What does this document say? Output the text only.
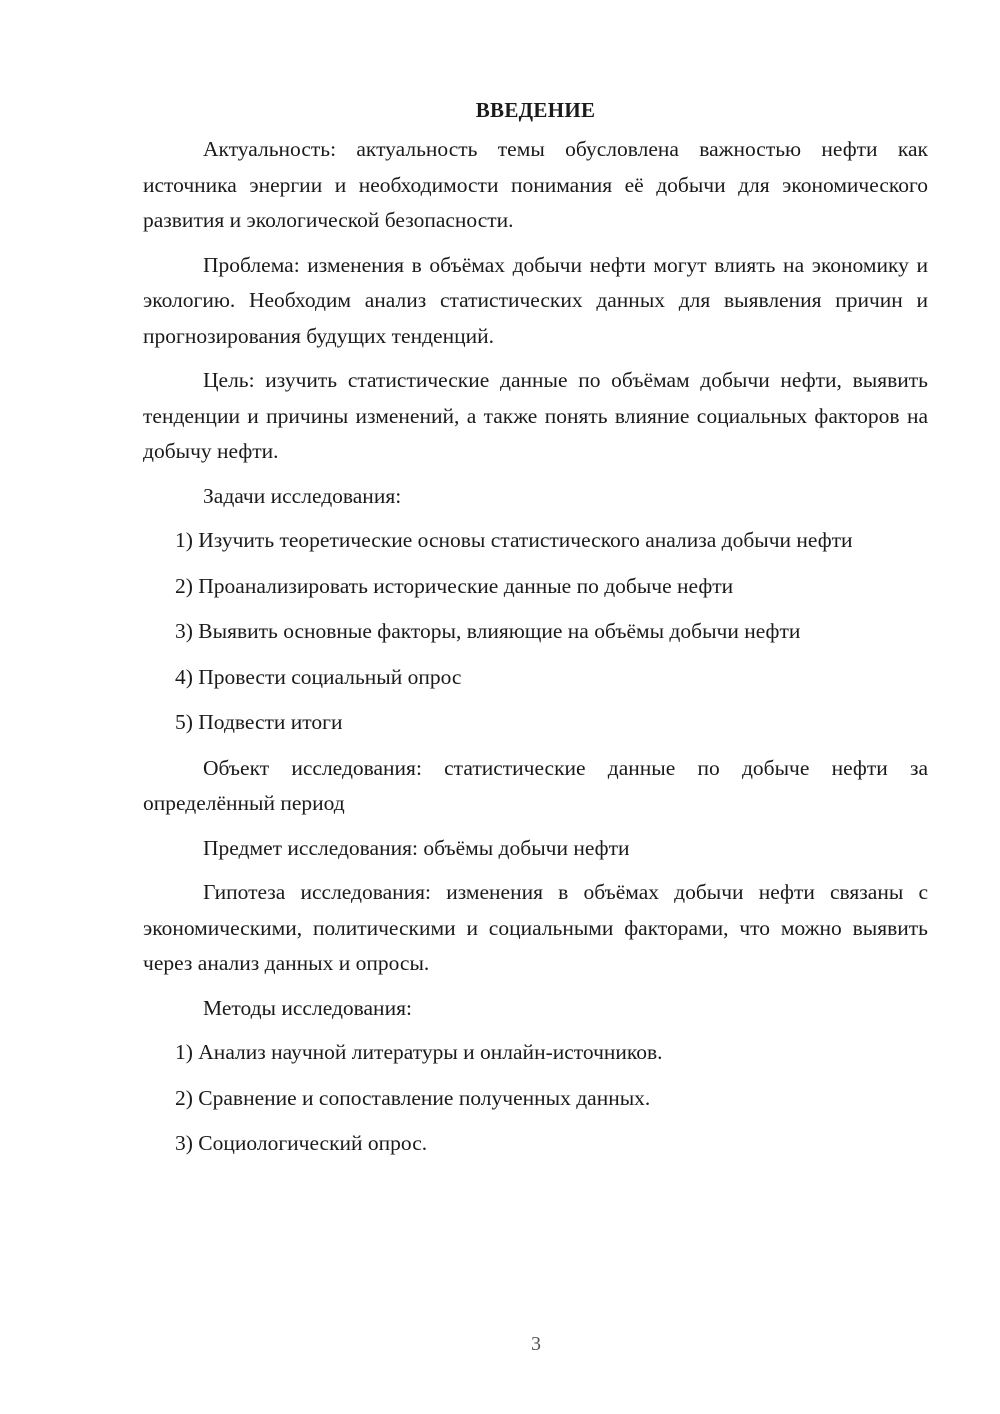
ВВЕДЕНИЕ

Актуальность: актуальность темы обусловлена важностью нефти как источника энергии и необходимости понимания её добычи для экономического развития и экологической безопасности.

Проблема: изменения в объёмах добычи нефти могут влиять на экономику и экологию. Необходим анализ статистических данных для выявления причин и прогнозирования будущих тенденций.

Цель: изучить статистические данные по объёмам добычи нефти, выявить тенденции и причины изменений, а также понять влияние социальных факторов на добычу нефти.

Задачи исследования:

1) Изучить теоретические основы статистического анализа добычи нефти

2) Проанализировать исторические данные по добыче нефти

3) Выявить основные факторы, влияющие на объёмы добычи нефти

4) Провести социальный опрос

5) Подвести итоги

Объект исследования: статистические данные по добыче нефти за определённый период

Предмет исследования: объёмы добычи нефти

Гипотеза исследования: изменения в объёмах добычи нефти связаны с экономическими, политическими и социальными факторами, что можно выявить через анализ данных и опросы.

Методы исследования:

1) Анализ научной литературы и онлайн-источников.

2) Сравнение и сопоставление полученных данных.

3) Социологический опрос.

3
